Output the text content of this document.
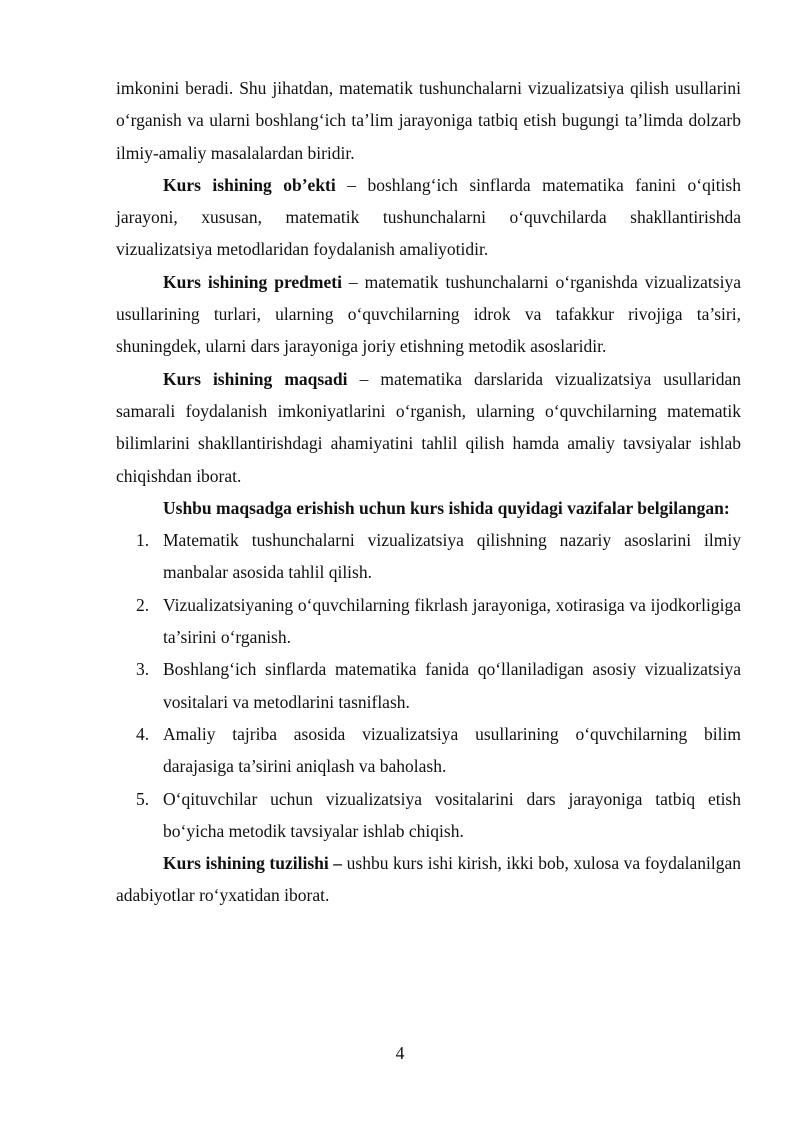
imkonini beradi. Shu jihatdan, matematik tushunchalarni vizualizatsiya qilish usullarini o‘rganish va ularni boshlang‘ich ta’lim jarayoniga tatbiq etish bugungi ta’limda dolzarb ilmiy-amaliy masalalardan biridir.

Kurs ishining ob’ekti – boshlang‘ich sinflarda matematika fanini o‘qitish jarayoni, xususan, matematik tushunchalarni o‘quvchilarda shakllantirishda vizualizatsiya metodlaridan foydalanish amaliyotidir.

Kurs ishining predmeti – matematik tushunchalarni o‘rganishda vizualizatsiya usullarining turlari, ularning o‘quvchilarning idrok va tafakkur rivojiga ta’siri, shuningdek, ularni dars jarayoniga joriy etishning metodik asoslaridir.

Kurs ishining maqsadi – matematika darslarida vizualizatsiya usullaridan samarali foydalanish imkoniyatlarini o‘rganish, ularning o‘quvchilarning matematik bilimlarini shakllantirishdagi ahamiyatini tahlil qilish hamda amaliy tavsiyalar ishlab chiqishdan iborat.

Ushbu maqsadga erishish uchun kurs ishida quyidagi vazifalar belgilangan:

1. Matematik tushunchalarni vizualizatsiya qilishning nazariy asoslarini ilmiy manbalar asosida tahlil qilish.
2. Vizualizatsiyaning o‘quvchilarning fikrlash jarayoniga, xotirasiga va ijodkorligiga ta’sirini o‘rganish.
3. Boshlang‘ich sinflarda matematika fanida qo‘llaniladigan asosiy vizualizatsiya vositalari va metodlarini tasniflash.
4. Amaliy tajriba asosida vizualizatsiya usullarining o‘quvchilarning bilim darajasiga ta’sirini aniqlash va baholash.
5. O‘qituvchilar uchun vizualizatsiya vositalarini dars jarayoniga tatbiq etish bo‘yicha metodik tavsiyalar ishlab chiqish.

Kurs ishining tuzilishi – ushbu kurs ishi kirish, ikki bob, xulosa va foydalanilgan adabiyotlar ro‘yxatidan iborat.

4
